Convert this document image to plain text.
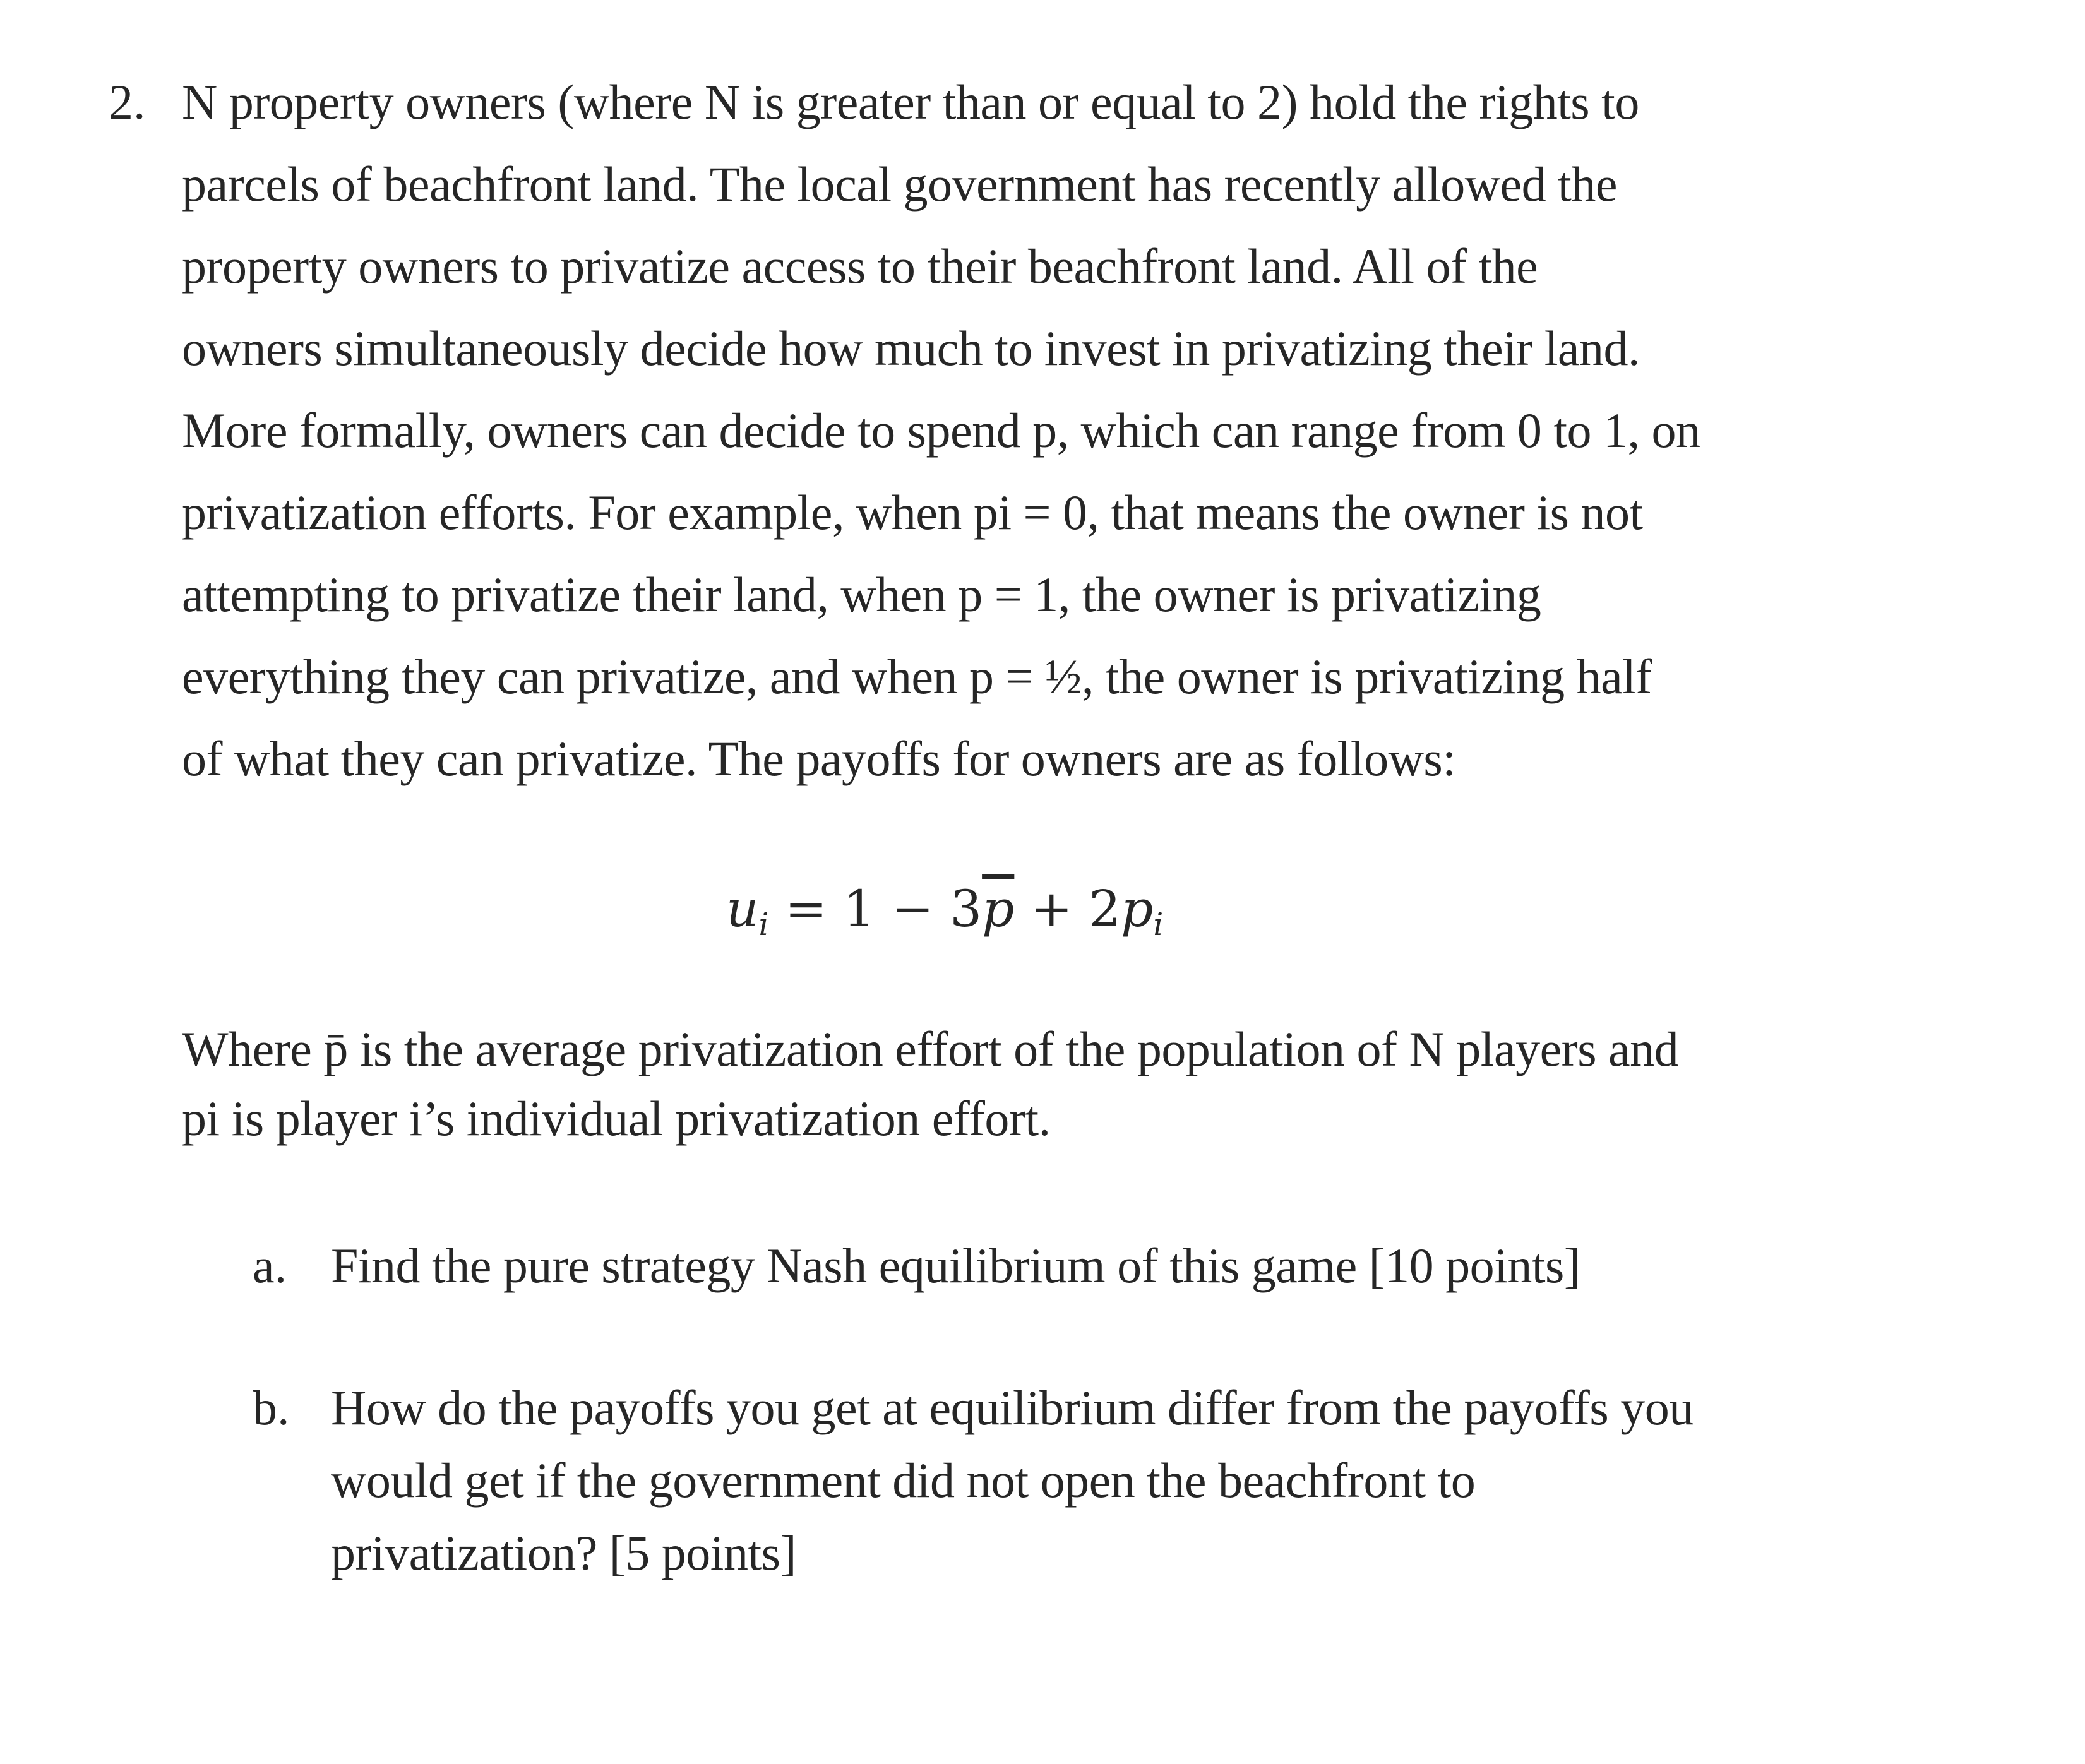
2. N property owners (where N is greater than or equal to 2) hold the rights to
parcels of beachfront land. The local government has recently allowed the
property owners to privatize access to their beachfront land. All of the
owners simultaneously decide how much to invest in privatizing their land.
More formally, owners can decide to spend p, which can range from 0 to 1, on
privatization efforts. For example, when pi = 0, that means the owner is not
attempting to privatize their land, when p = 1, the owner is privatizing
everything they can privatize, and when p = ½, the owner is privatizing half
of what they can privatize. The payoffs for owners are as follows:
$u_i = 1 - 3\overline{p} + 2p_i$
Where p̄ is the average privatization effort of the population of N players and
pi is player i’s individual privatization effort.
a. Find the pure strategy Nash equilibrium of this game [10 points]
b. How do the payoffs you get at equilibrium differ from the payoffs you
would get if the government did not open the beachfront to
privatization? [5 points]
